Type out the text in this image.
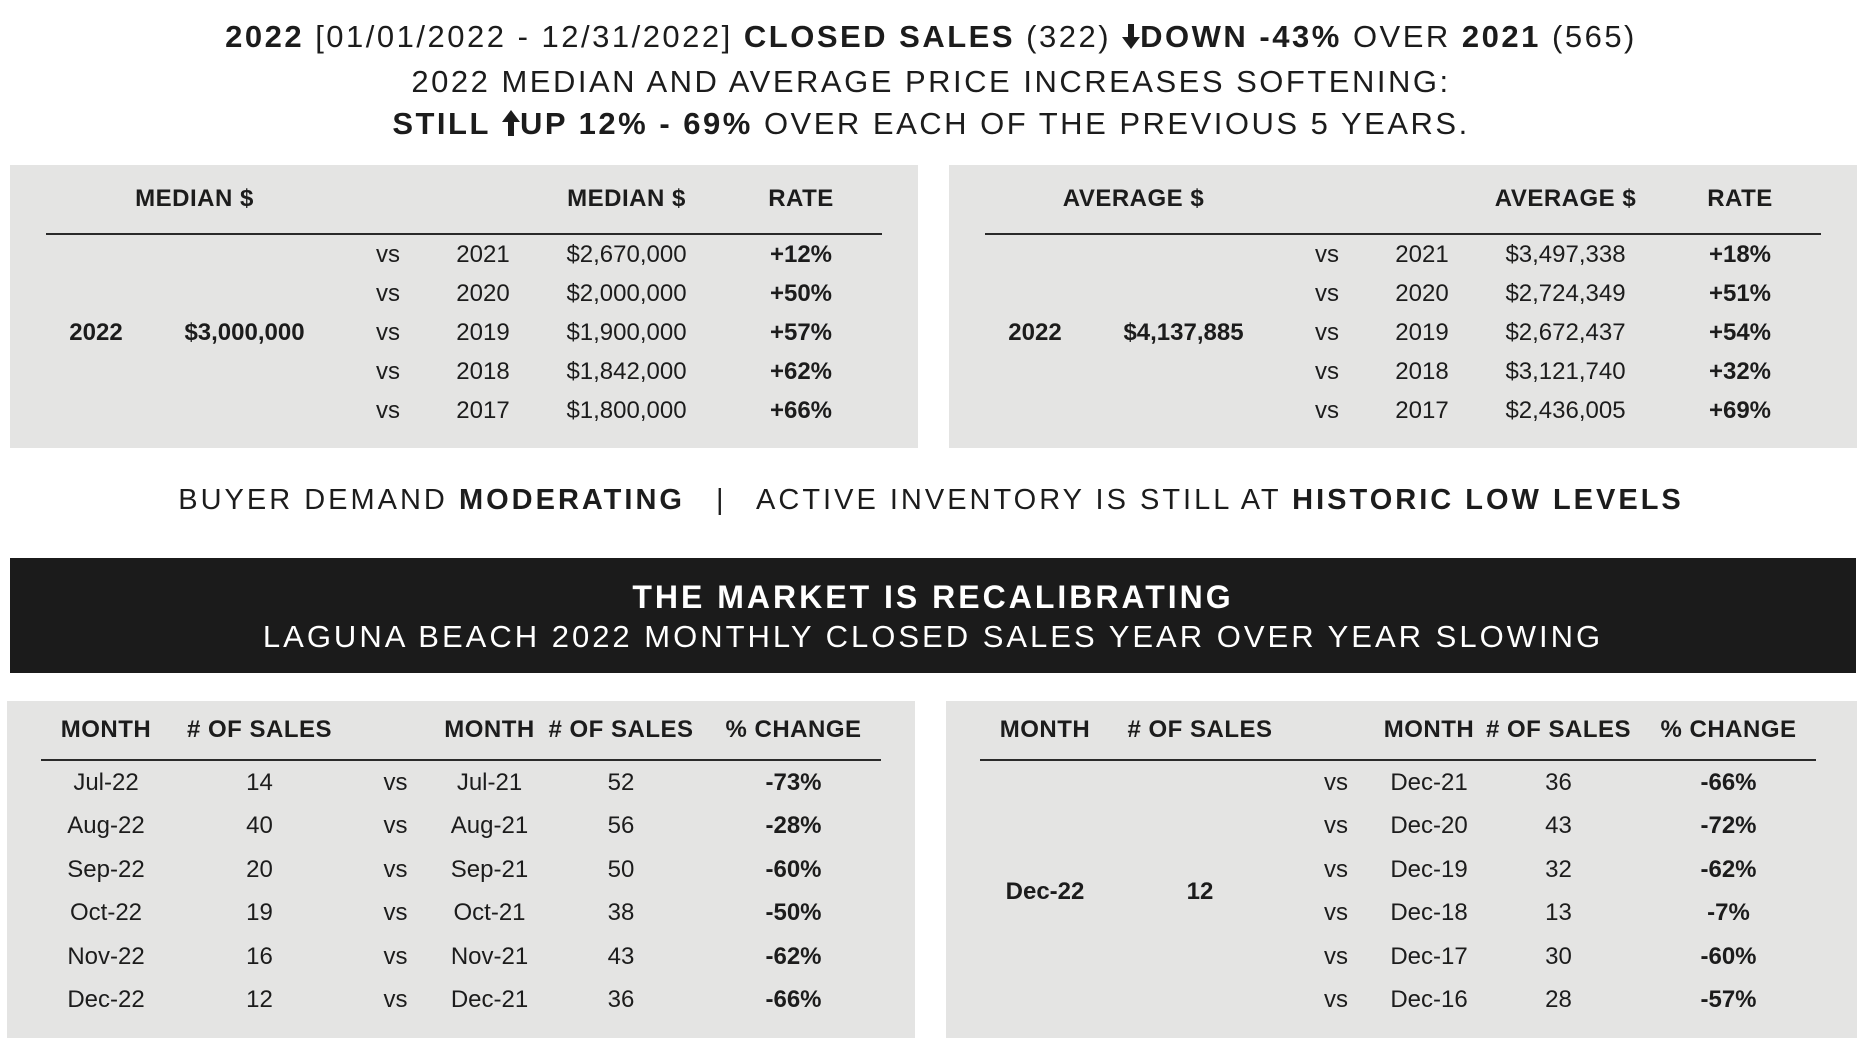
2022 [01/01/2022 - 12/31/2022] CLOSED SALES (322) DOWN -43% OVER 2021 (565)
2022 MEDIAN AND AVERAGE PRICE INCREASES SOFTENING:
STILL UP 12% - 69% OVER EACH OF THE PREVIOUS 5 YEARS.
MEDIAN $				MEDIAN $	RATE
2022	$3,000,000	vs	2021	$2,670,000	+12%
		vs	2020	$2,000,000	+50%
		vs	2019	$1,900,000	+57%
		vs	2018	$1,842,000	+62%
		vs	2017	$1,800,000	+66%
AVERAGE $				AVERAGE $	RATE
2022	$4,137,885	vs	2021	$3,497,338	+18%
		vs	2020	$2,724,349	+51%
		vs	2019	$2,672,437	+54%
		vs	2018	$3,121,740	+32%
		vs	2017	$2,436,005	+69%
BUYER DEMAND MODERATING | ACTIVE INVENTORY IS STILL AT HISTORIC LOW LEVELS
THE MARKET IS RECALIBRATING
LAGUNA BEACH 2022 MONTHLY CLOSED SALES YEAR OVER YEAR SLOWING
MONTH	# OF SALES		MONTH	# OF SALES	% CHANGE
Jul-22	14	vs	Jul-21	52	-73%
Aug-22	40	vs	Aug-21	56	-28%
Sep-22	20	vs	Sep-21	50	-60%
Oct-22	19	vs	Oct-21	38	-50%
Nov-22	16	vs	Nov-21	43	-62%
Dec-22	12	vs	Dec-21	36	-66%
MONTH	# OF SALES		MONTH	# OF SALES	% CHANGE
Dec-22	12	vs	Dec-21	36	-66%
		vs	Dec-20	43	-72%
		vs	Dec-19	32	-62%
		vs	Dec-18	13	-7%
		vs	Dec-17	30	-60%
		vs	Dec-16	28	-57%
